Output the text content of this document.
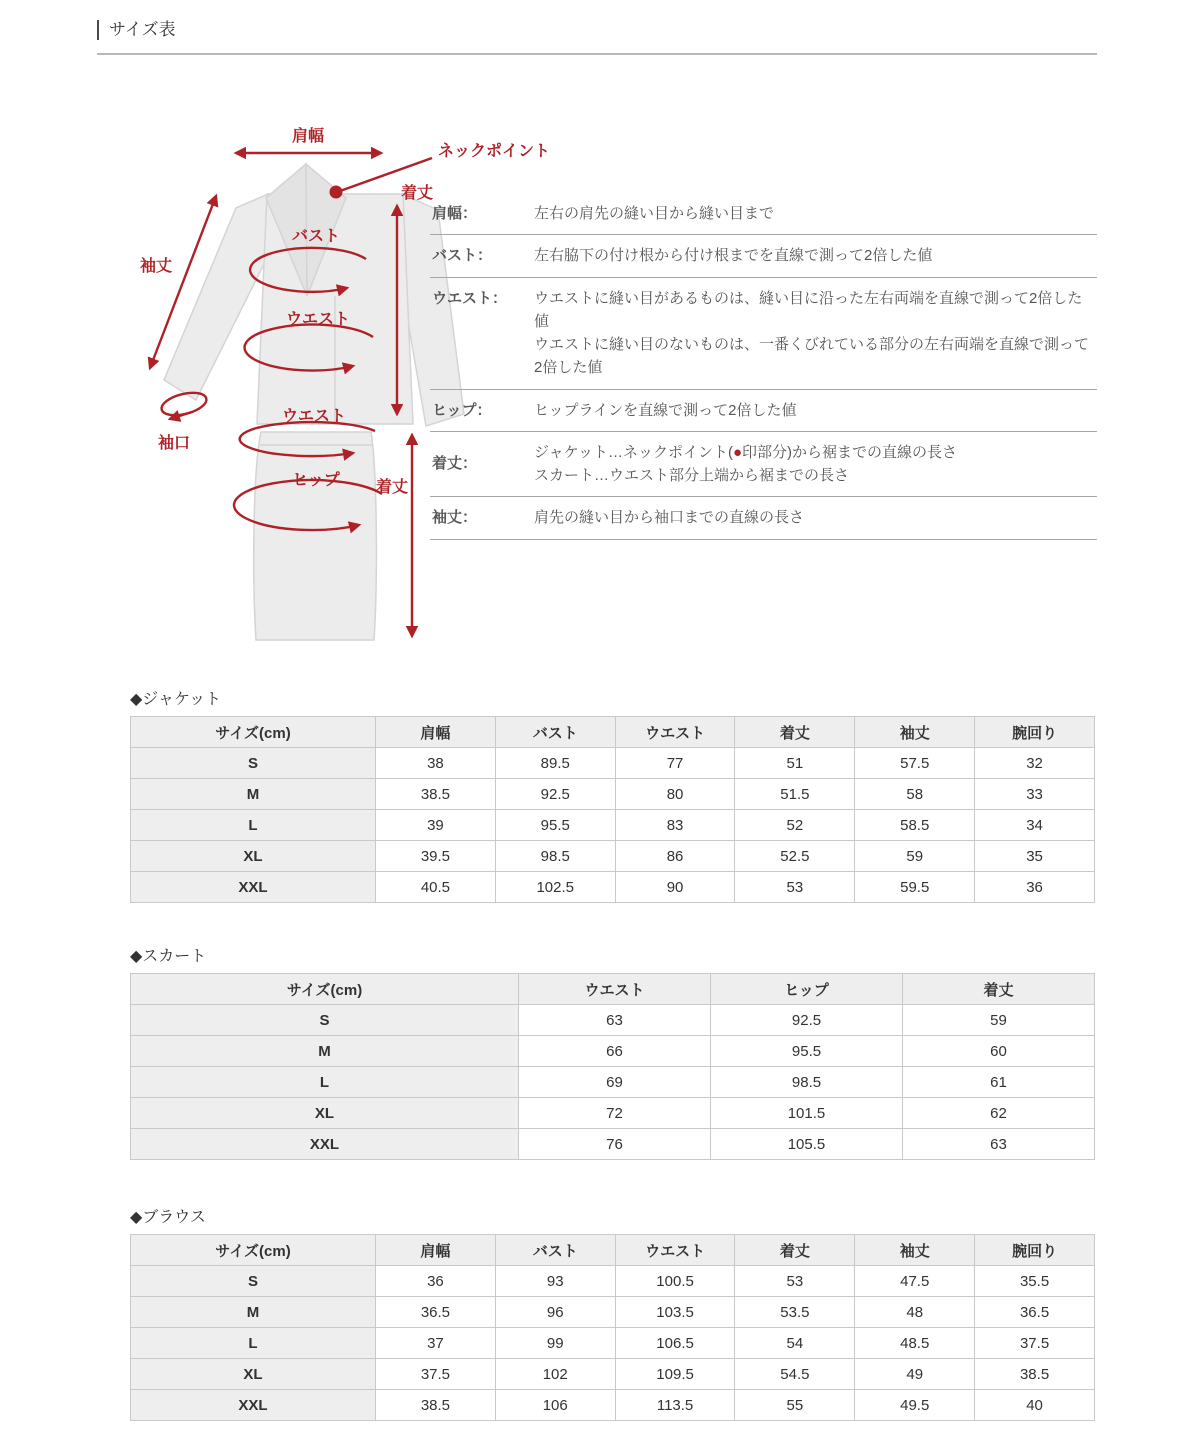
サイズ表
肩幅
ネックポイント
着丈
袖丈
袖口
バスト
ウエスト
ウエスト
ヒップ 着丈
肩幅：	左右の肩先の縫い目から縫い目まで
バスト：	左右脇下の付け根から付け根までを直線で測って2倍した値
ウエスト：	ウエストに縫い目があるものは、縫い目に沿った左右両端を直線で測って2倍した値
ウエストに縫い目のないものは、一番くびれている部分の左右両端を直線で測って2倍した値
ヒップ：	ヒップラインを直線で測って2倍した値
着丈：
ジャケット…ネックポイント(●印部分)から裾までの直線の長さ
スカート…ウエスト部分上端から裾までの長さ
袖丈：	肩先の縫い目から袖口までの直線の長さ
◆ジャケット
サイズ(cm)	肩幅	バスト	ウエスト	着丈	袖丈	腕回り
S	38	89.5	77	51	57.5	32
M	38.5	92.5	80	51.5	58	33
L	39	95.5	83	52	58.5	34
XL	39.5	98.5	86	52.5	59	35
XXL	40.5	102.5	90	53	59.5	36
◆スカート
サイズ(cm)	ウエスト	ヒップ	着丈
S	63	92.5	59
M	66	95.5	60
L	69	98.5	61
XL	72	101.5	62
XXL	76	105.5	63
◆ブラウス
サイズ(cm)	肩幅	バスト	ウエスト	着丈	袖丈	腕回り
S	36	93	100.5	53	47.5	35.5
M	36.5	96	103.5	53.5	48	36.5
L	37	99	106.5	54	48.5	37.5
XL	37.5	102	109.5	54.5	49	38.5
XXL	38.5	106	113.5	55	49.5	40
